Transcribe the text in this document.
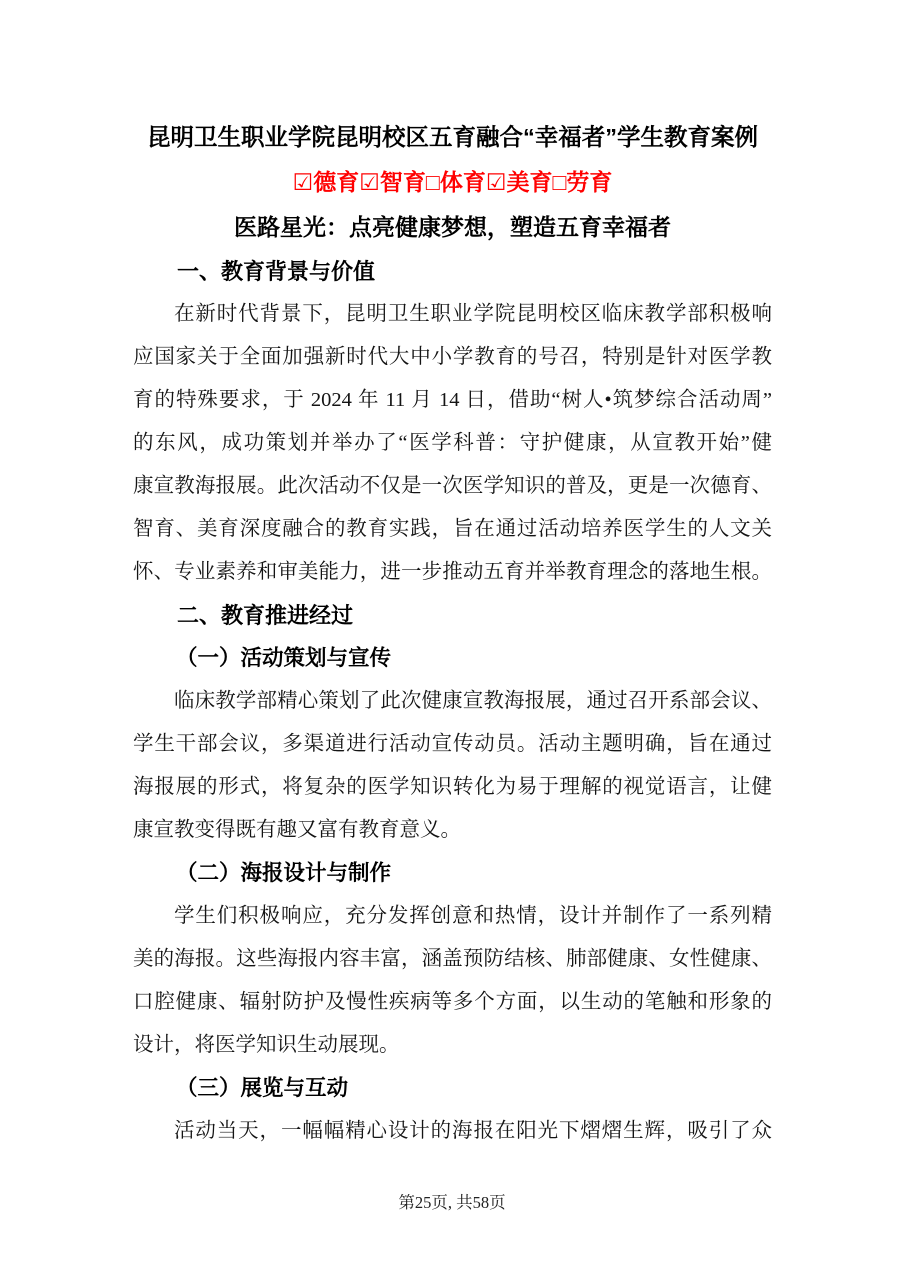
昆明卫生职业学院昆明校区五育融合“幸福者”学生教育案例
☑德育☑智育□体育☑美育□劳育
医路星光：点亮健康梦想，塑造五育幸福者
一、教育背景与价值
在新时代背景下，昆明卫生职业学院昆明校区临床教学部积极响
应国家关于全面加强新时代大中小学教育的号召，特别是针对医学教
育的特殊要求，于 2024 年 11 月 14 日，借助“树人•筑梦综合活动周”
的东风，成功策划并举办了“医学科普：守护健康，从宣教开始”健
康宣教海报展。此次活动不仅是一次医学知识的普及，更是一次德育、
智育、美育深度融合的教育实践，旨在通过活动培养医学生的人文关
怀、专业素养和审美能力，进一步推动五育并举教育理念的落地生根。
二、教育推进经过
（一）活动策划与宣传
临床教学部精心策划了此次健康宣教海报展，通过召开系部会议、
学生干部会议，多渠道进行活动宣传动员。活动主题明确，旨在通过
海报展的形式，将复杂的医学知识转化为易于理解的视觉语言，让健
康宣教变得既有趣又富有教育意义。
（二）海报设计与制作
学生们积极响应，充分发挥创意和热情，设计并制作了一系列精
美的海报。这些海报内容丰富，涵盖预防结核、肺部健康、女性健康、
口腔健康、辐射防护及慢性疾病等多个方面，以生动的笔触和形象的
设计，将医学知识生动展现。
（三）展览与互动
活动当天，一幅幅精心设计的海报在阳光下熠熠生辉，吸引了众
第25页, 共58页
